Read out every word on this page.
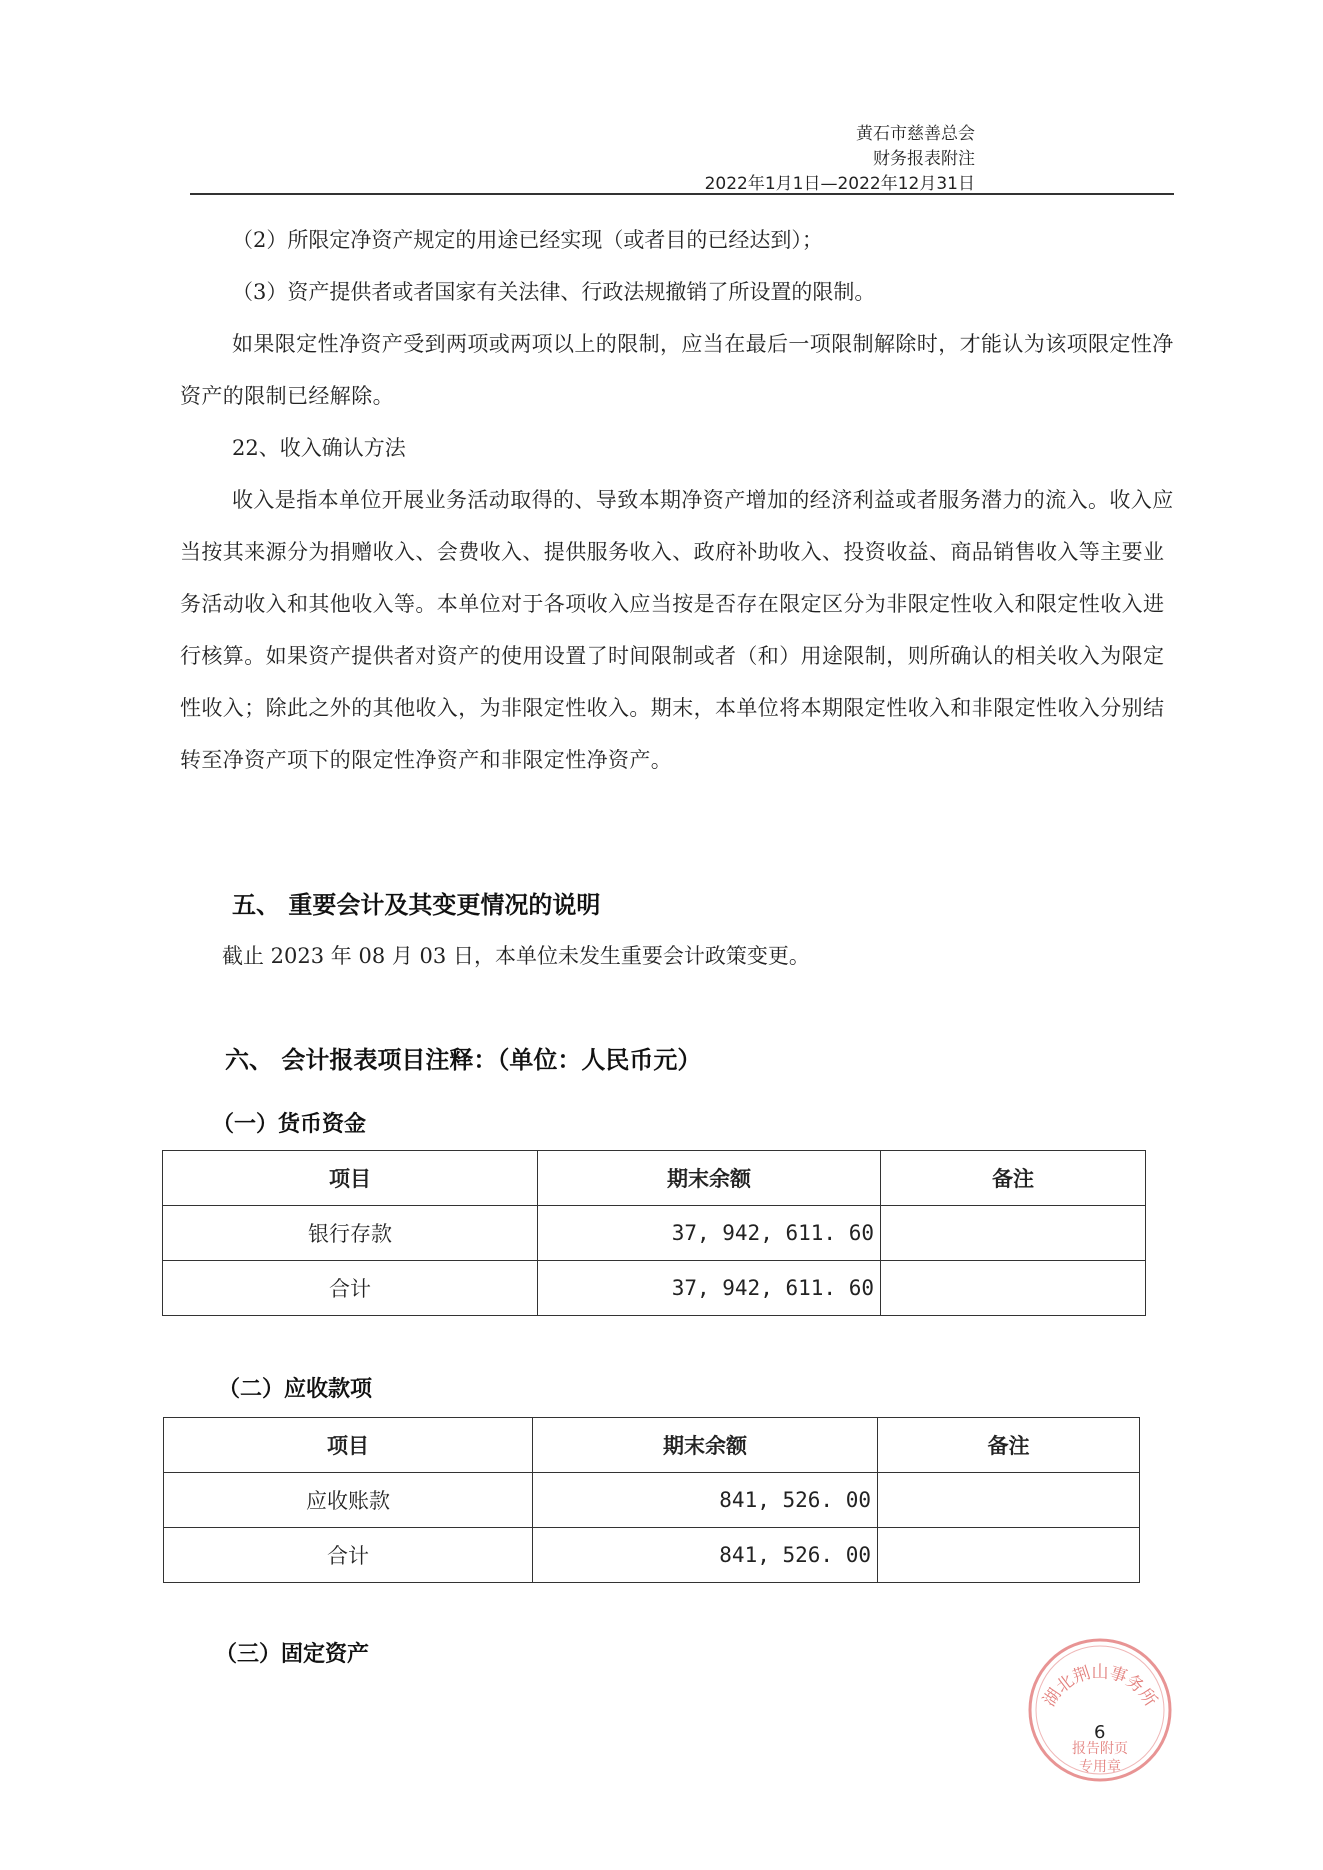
黄石市慈善总会
财务报表附注
2022年1月1日—2022年12月31日

（2）所限定净资产规定的用途已经实现（或者目的已经达到）；

（3）资产提供者或者国家有关法律、行政法规撤销了所设置的限制。

如果限定性净资产受到两项或两项以上的限制，应当在最后一项限制解除时，才能认为该项限定性净资产的限制已经解除。

22、收入确认方法

收入是指本单位开展业务活动取得的、导致本期净资产增加的经济利益或者服务潜力的流入。收入应当按其来源分为捐赠收入、会费收入、提供服务收入、政府补助收入、投资收益、商品销售收入等主要业务活动收入和其他收入等。本单位对于各项收入应当按是否存在限定区分为非限定性收入和限定性收入进行核算。如果资产提供者对资产的使用设置了时间限制或者（和）用途限制，则所确认的相关收入为限定性收入；除此之外的其他收入，为非限定性收入。期末，本单位将本期限定性收入和非限定性收入分别结转至净资产项下的限定性净资产和非限定性净资产。

五、 重要会计及其变更情况的说明
截止 2023 年 08 月 03 日，本单位未发生重要会计政策变更。
六、 会计报表项目注释：（单位：人民币元）
（一）货币资金
项目	期末余额	备注
银行存款	37, 942, 611. 60	
合计	37, 942, 611. 60	
（二）应收款项
项目	期末余额	备注
应收账款	841, 526. 00	
合计	841, 526. 00	
（三）固定资产
湖北荆山事务所
报告附页
专用章
6
